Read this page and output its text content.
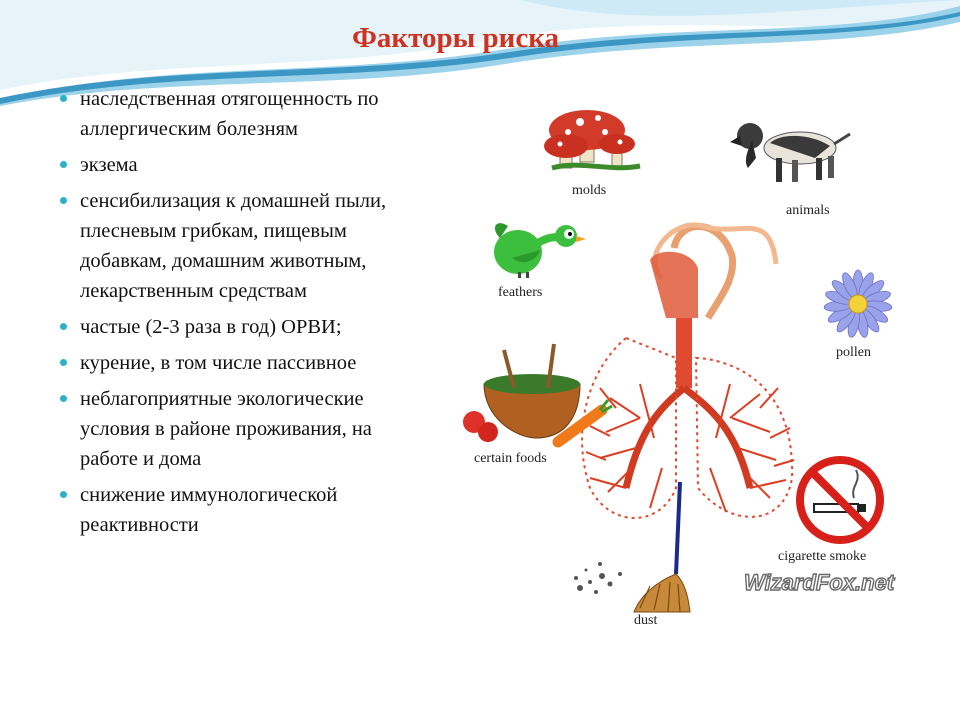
Факторы риска
наследственная отягощенность по аллергическим болезням
экзема
сенсибилизация к домашней пыли, плесневым грибкам, пищевым добавкам, домашним животным, лекарственным средствам
частые (2-3 раза в год) ОРВИ;
курение, в том числе пассивное
неблагоприятные экологические условия в районе проживания, на работе и дома
снижение иммунологической реактивности
molds
animals
feathers
pollen
certain foods
cigarette smoke
dust
WizardFox.net
